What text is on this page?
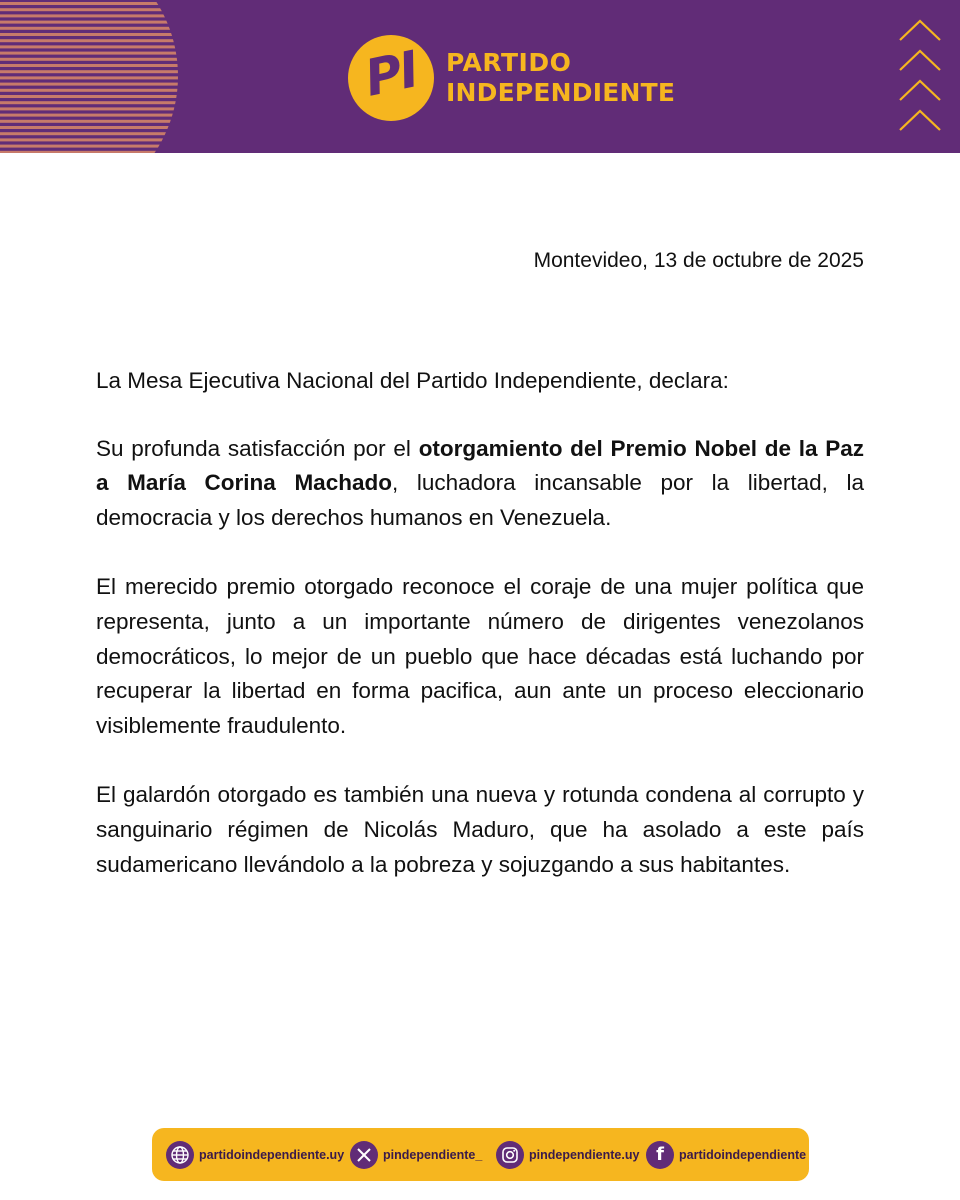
PI PARTIDO
INDEPENDIENTE
Montevideo, 13 de octubre de 2025

La Mesa Ejecutiva Nacional del Partido Independiente, declara:

Su profunda satisfacción por el otorgamiento del Premio Nobel de la Paz a María Corina Machado, luchadora incansable por la libertad, la democracia y los derechos humanos en Venezuela.

El merecido premio otorgado reconoce el coraje de una mujer política que representa, junto a un importante número de dirigentes venezolanos democráticos, lo mejor de un pueblo que hace décadas está luchando por recuperar la libertad en forma pacifica, aun ante un proceso eleccionario visiblemente fraudulento.

El galardón otorgado es también una nueva y rotunda condena al corrupto y sanguinario régimen de Nicolás Maduro, que ha asolado a este país sudamericano llevándolo a la pobreza y sojuzgando a sus habitantes.

partidoindependiente.uy	pindependiente_	pindependiente.uy f partidoindependiente
